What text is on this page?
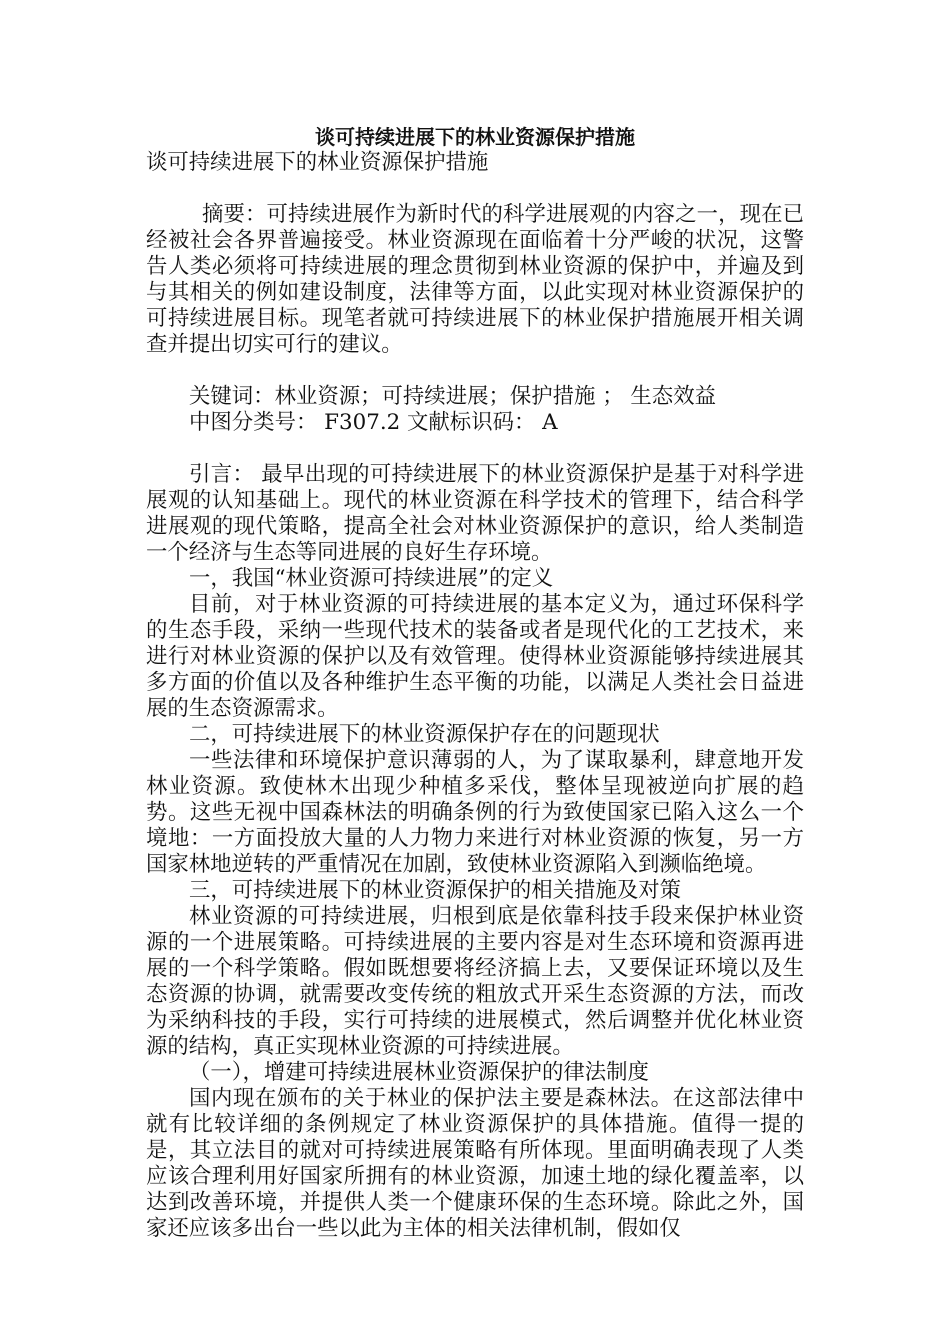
谈可持续进展下的林业资源保护措施

谈可持续进展下的林业资源保护措施

摘要：可持续进展作为新时代的科学进展观的内容之一，现在已经被社会各界普遍接受。林业资源现在面临着十分严峻的状况，这警告人类必须将可持续进展的理念贯彻到林业资源的保护中，并遍及到与其相关的例如建设制度，法律等方面，以此实现对林业资源保护的可持续进展目标。现笔者就可持续进展下的林业保护措施展开相关调查并提出切实可行的建议。

关键词：林业资源；可持续进展；保护措施 ； 生态效益

中图分类号： F307.2 文献标识码： A

引言： 最早出现的可持续进展下的林业资源保护是基于对科学进展观的认知基础上。现代的林业资源在科学技术的管理下，结合科学进展观的现代策略，提高全社会对林业资源保护的意识，给人类制造一个经济与生态等同进展的良好生存环境。

一，我国“林业资源可持续进展”的定义

目前，对于林业资源的可持续进展的基本定义为，通过环保科学的生态手段，采纳一些现代技术的装备或者是现代化的工艺技术，来进行对林业资源的保护以及有效管理。使得林业资源能够持续进展其多方面的价值以及各种维护生态平衡的功能，以满足人类社会日益进展的生态资源需求。

二，可持续进展下的林业资源保护存在的问题现状

一些法律和环境保护意识薄弱的人，为了谋取暴利，肆意地开发林业资源。致使林木出现少种植多采伐，整体呈现被逆向扩展的趋势。这些无视中国森林法的明确条例的行为致使国家已陷入这么一个境地：一方面投放大量的人力物力来进行对林业资源的恢复，另一方国家林地逆转的严重情况在加剧，致使林业资源陷入到濒临绝境。

三，可持续进展下的林业资源保护的相关措施及对策

林业资源的可持续进展，归根到底是依靠科技手段来保护林业资源的一个进展策略。可持续进展的主要内容是对生态环境和资源再进展的一个科学策略。假如既想要将经济搞上去，又要保证环境以及生态资源的协调，就需要改变传统的粗放式开采生态资源的方法，而改为采纳科技的手段，实行可持续的进展模式，然后调整并优化林业资源的结构，真正实现林业资源的可持续进展。

（一），增建可持续进展林业资源保护的律法制度

国内现在颁布的关于林业的保护法主要是森林法。在这部法律中就有比较详细的条例规定了林业资源保护的具体措施。值得一提的是，其立法目的就对可持续进展策略有所体现。里面明确表现了人类应该合理利用好国家所拥有的林业资源，加速土地的绿化覆盖率，以达到改善环境，并提供人类一个健康环保的生态环境。除此之外，国家还应该多出台一些以此为主体的相关法律机制，假如仅
